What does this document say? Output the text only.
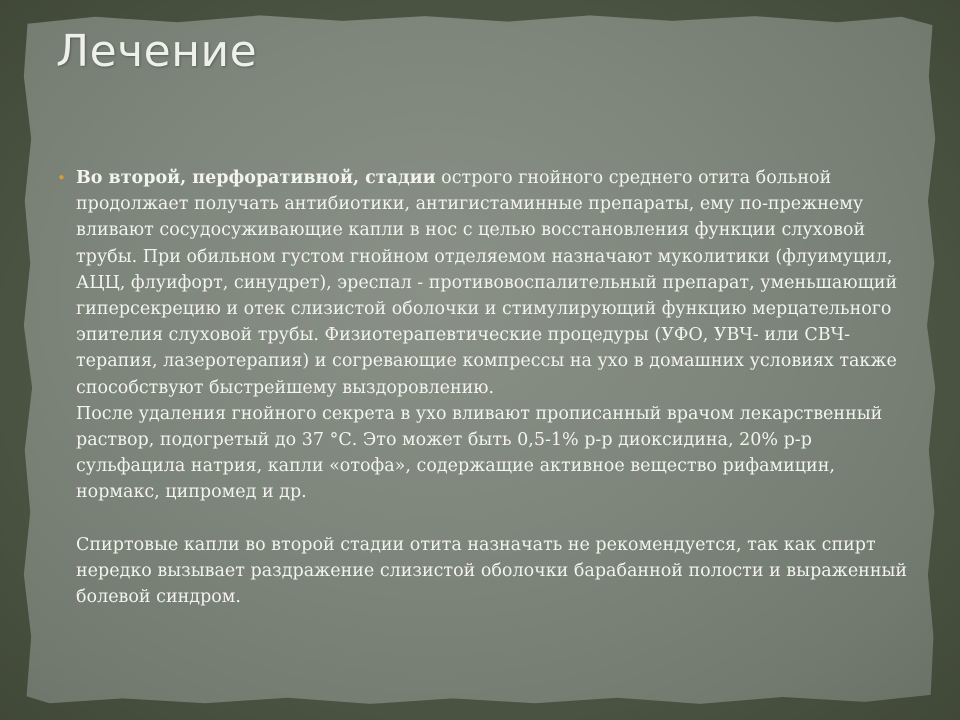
Лечение

• Во второй, перфоративной, стадии острого гнойного среднего отита больной продолжает получать антибиотики, антигистаминные препараты, ему по-прежнему вливают сосудосуживающие капли в нос с целью восстановления функции слуховой трубы. При обильном густом гнойном отделяемом назначают муколитики (флуимуцил, АЦЦ, флуифорт, синудрет), эреспал - противовоспалительный препарат, уменьшающий гиперсекрецию и отек слизистой оболочки и стимулирующий функцию мерцательного эпителия слуховой трубы. Физиотерапевтические процедуры (УФО, УВЧ- или СВЧ-терапия, лазеротерапия) и согревающие компрессы на ухо в домашних условиях также способствуют быстрейшему выздоровлению.

После удаления гнойного секрета в ухо вливают прописанный врачом лекарственный раствор, подогретый до 37 °С. Это может быть 0,5-1% р-р диоксидина, 20% р-р сульфацила натрия, капли «отофа», содержащие активное вещество рифамицин, нормакс, ципромед и др.

Спиртовые капли во второй стадии отита назначать не рекомендуется, так как спирт нередко вызывает раздражение слизистой оболочки барабанной полости и выраженный болевой синдром.
